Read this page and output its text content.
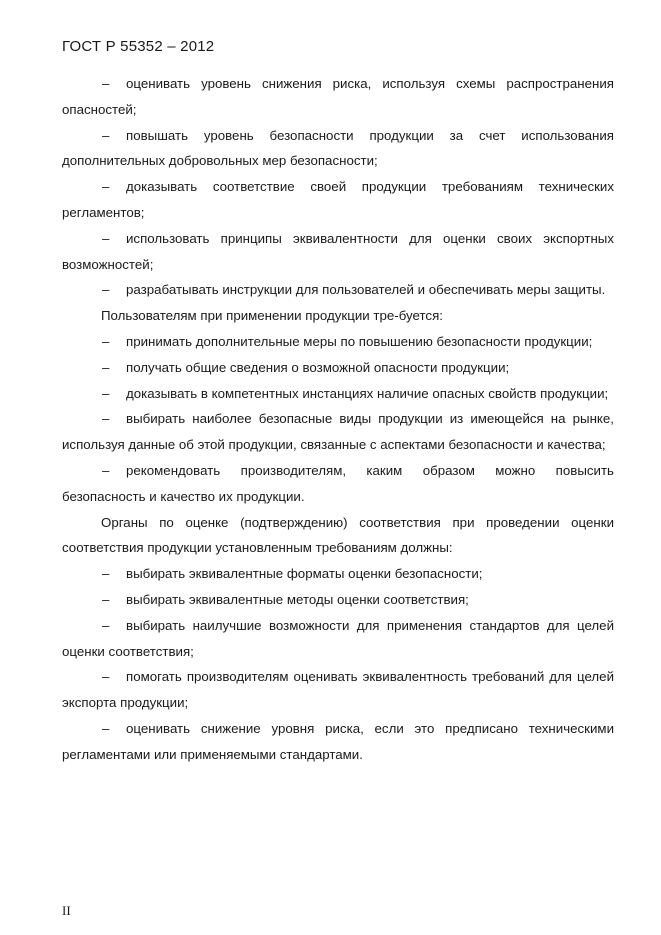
ГОСТ Р 55352 – 2012

– оценивать уровень снижения риска, используя схемы распространения опасностей;

– повышать уровень безопасности продукции за счет использования дополнительных добровольных мер безопасности;

– доказывать соответствие своей продукции требованиям технических регламентов;

– использовать принципы эквивалентности для оценки своих экспортных возможностей;

– разрабатывать инструкции для пользователей и обеспечивать меры защиты.

Пользователям при применении продукции тре-буется:

– принимать дополнительные меры по повышению безопасности продукции;

– получать общие сведения о возможной опасности продукции;

– доказывать в компетентных инстанциях наличие опасных свойств продукции;

– выбирать наиболее безопасные виды продукции из имеющейся на рынке, используя данные об этой продукции, связанные с аспектами безопасности и качества;

– рекомендовать производителям, каким образом можно повысить безопасность и качество их продукции.

Органы по оценке (подтверждению) соответствия при проведении оценки соответствия продукции установленным требованиям должны:

– выбирать эквивалентные форматы оценки безопасности;

– выбирать эквивалентные методы оценки соответствия;

– выбирать наилучшие возможности для применения стандартов для целей оценки соответствия;

– помогать производителям оценивать эквивалентность требований для целей экспорта продукции;

– оценивать снижение уровня риска, если это предписано техническими регламентами или применяемыми стандартами.

II
